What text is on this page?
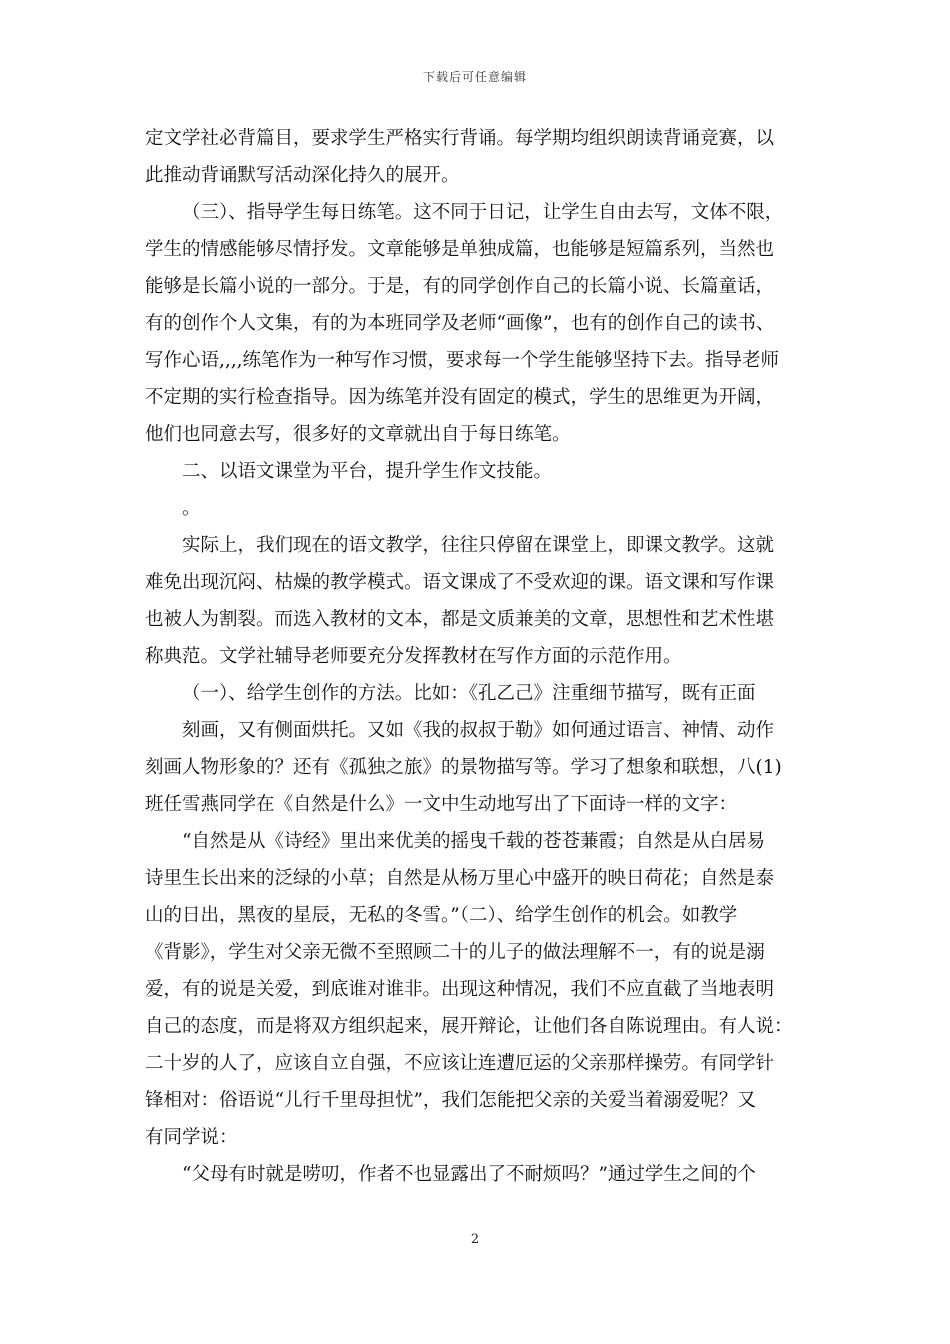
下载后可任意编辑
定文学社必背篇目，要求学生严格实行背诵。每学期均组织朗读背诵竞赛，以
此推动背诵默写活动深化持久的展开。
（三）、指导学生每日练笔。这不同于日记，让学生自由去写，文体不限，
学生的情感能够尽情抒发。文章能够是单独成篇，也能够是短篇系列，当然也
能够是长篇小说的一部分。于是，有的同学创作自己的长篇小说、长篇童话，
有的创作个人文集，有的为本班同学及老师“画像”，也有的创作自己的读书、
写作心语,,,,练笔作为一种写作习惯，要求每一个学生能够坚持下去。指导老师
不定期的实行检查指导。因为练笔并没有固定的模式，学生的思维更为开阔，
他们也同意去写，很多好的文章就出自于每日练笔。
二、以语文课堂为平台，提升学生作文技能。
。
实际上，我们现在的语文教学，往往只停留在课堂上，即课文教学。这就
难免出现沉闷、枯燥的教学模式。语文课成了不受欢迎的课。语文课和写作课
也被人为割裂。而选入教材的文本，都是文质兼美的文章，思想性和艺术性堪
称典范。文学社辅导老师要充分发挥教材在写作方面的示范作用。
（一）、给学生创作的方法。比如：《孔乙己》注重细节描写，既有正面
刻画，又有侧面烘托。又如《我的叔叔于勒》如何通过语言、神情、动作
刻画人物形象的？还有《孤独之旅》的景物描写等。学习了想象和联想，八(1)
班任雪燕同学在《自然是什么》一文中生动地写出了下面诗一样的文字：
“自然是从《诗经》里出来优美的摇曳千载的苍苍蒹霞；自然是从白居易
诗里生长出来的泛绿的小草；自然是从杨万里心中盛开的映日荷花；自然是泰
山的日出，黑夜的星辰，无私的冬雪。”（二）、给学生创作的机会。如教学
《背影》，学生对父亲无微不至照顾二十的儿子的做法理解不一，有的说是溺
爱，有的说是关爱，到底谁对谁非。出现这种情况，我们不应直截了当地表明
自己的态度，而是将双方组织起来，展开辩论，让他们各自陈说理由。有人说：
二十岁的人了，应该自立自强，不应该让连遭厄运的父亲那样操劳。有同学针
锋相对：俗语说“儿行千里母担忧”，我们怎能把父亲的关爱当着溺爱呢？又
有同学说：
“父母有时就是唠叨，作者不也显露出了不耐烦吗？”通过学生之间的个
2
